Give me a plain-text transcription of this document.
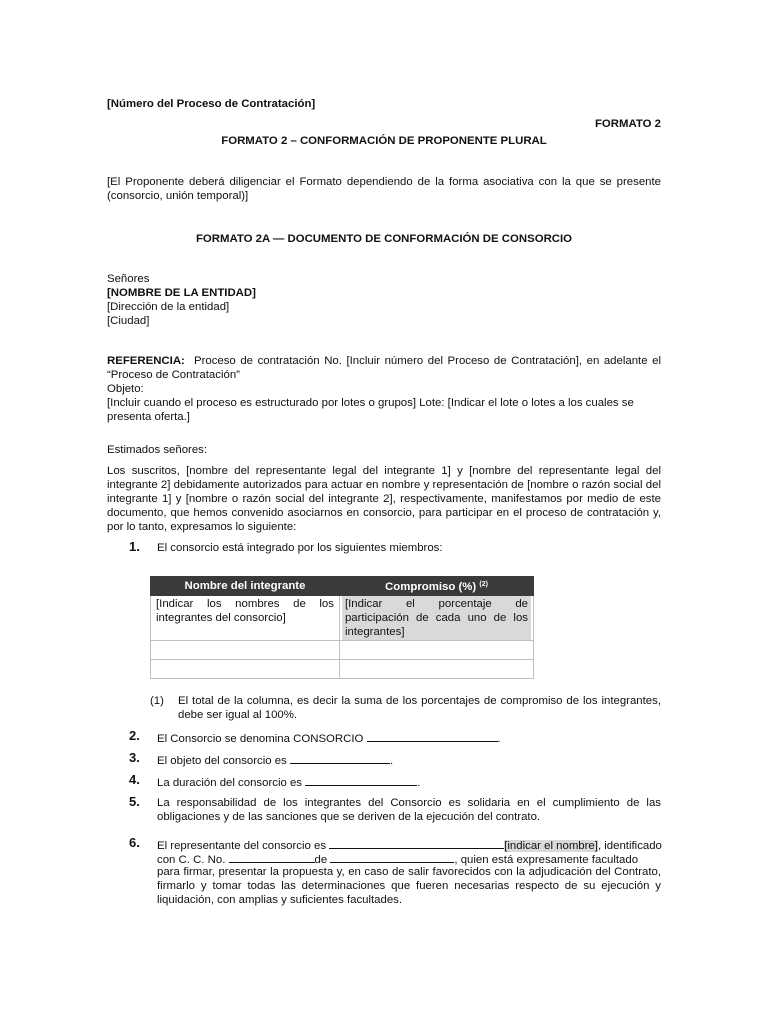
[Número del Proceso de Contratación]
FORMATO 2
FORMATO 2 – CONFORMACIÓN DE PROPONENTE PLURAL
[El Proponente deberá diligenciar el Formato dependiendo de la forma asociativa con la que se presente (consorcio, unión temporal)]
FORMATO 2A — DOCUMENTO DE CONFORMACIÓN DE CONSORCIO
Señores
[NOMBRE DE LA ENTIDAD]
[Dirección de la entidad]
[Ciudad]
REFERENCIA: Proceso de contratación No. [Incluir número del Proceso de Contratación], en adelante el “Proceso de Contratación”
Objeto:
[Incluir cuando el proceso es estructurado por lotes o grupos] Lote: [Indicar el lote o lotes a los cuales se presenta oferta.]
Estimados señores:
Los suscritos, [nombre del representante legal del integrante 1] y [nombre del representante legal del integrante 2] debidamente autorizados para actuar en nombre y representación de [nombre o razón social del integrante 1] y [nombre o razón social del integrante 2], respectivamente, manifestamos por medio de este documento, que hemos convenido asociarnos en consorcio, para participar en el proceso de contratación y, por lo tanto, expresamos lo siguiente:
1. El consorcio está integrado por los siguientes miembros:
Nombre del integrante	Compromiso (%) $^{(2)}$

[Indicar los nombres de los integrantes del consorcio]	[Indicar el porcentaje de participación de cada uno de los integrantes]

(1) El total de la columna, es decir la suma de los porcentajes de compromiso de los integrantes, debe ser igual al 100%.
2. El Consorcio se denomina CONSORCIO	.
3. El objeto del consorcio es	.
4. La duración del consorcio es	.
5. La responsabilidad de los integrantes del Consorcio es solidaria en el cumplimiento de las obligaciones y de las sanciones que se deriven de la ejecución del contrato.
6. El representante del consorcio es	[indicar el nombre], identificado
con C. C. No.	de	, quien está expresamente facultado
para firmar, presentar la propuesta y, en caso de salir favorecidos con la adjudicación del Contrato, firmarlo y tomar todas las determinaciones que fueren necesarias respecto de su ejecución y liquidación, con amplias y suficientes facultades.
